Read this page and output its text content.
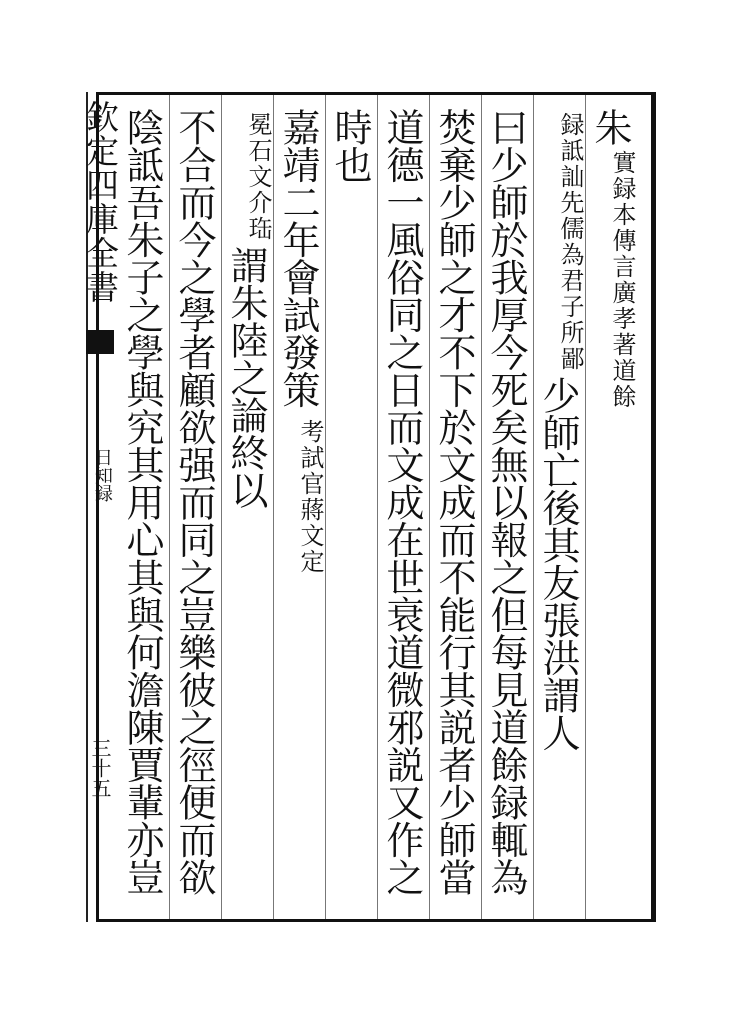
欽定四庫全書
日知録
三十五
朱
實録本傳言廣孝著道餘
録詆訕先儒為君子所鄙
少師亡後其友張洪謂人
曰少師於我厚今死矣無以報之但每見道餘録輒為
焚棄少師之才不下於文成而不能行其説者少師當
道德一風俗同之日而文成在世衰道微邪説又作之
時也
嘉靖二年會試發策
考試官蔣文定
冕石文介珤
謂朱陸之論終以
不合而今之學者顧欲强而同之豈樂彼之徑便而欲
陰詆吾朱子之學與究其用心其與何澹陳賈輩亦豈
